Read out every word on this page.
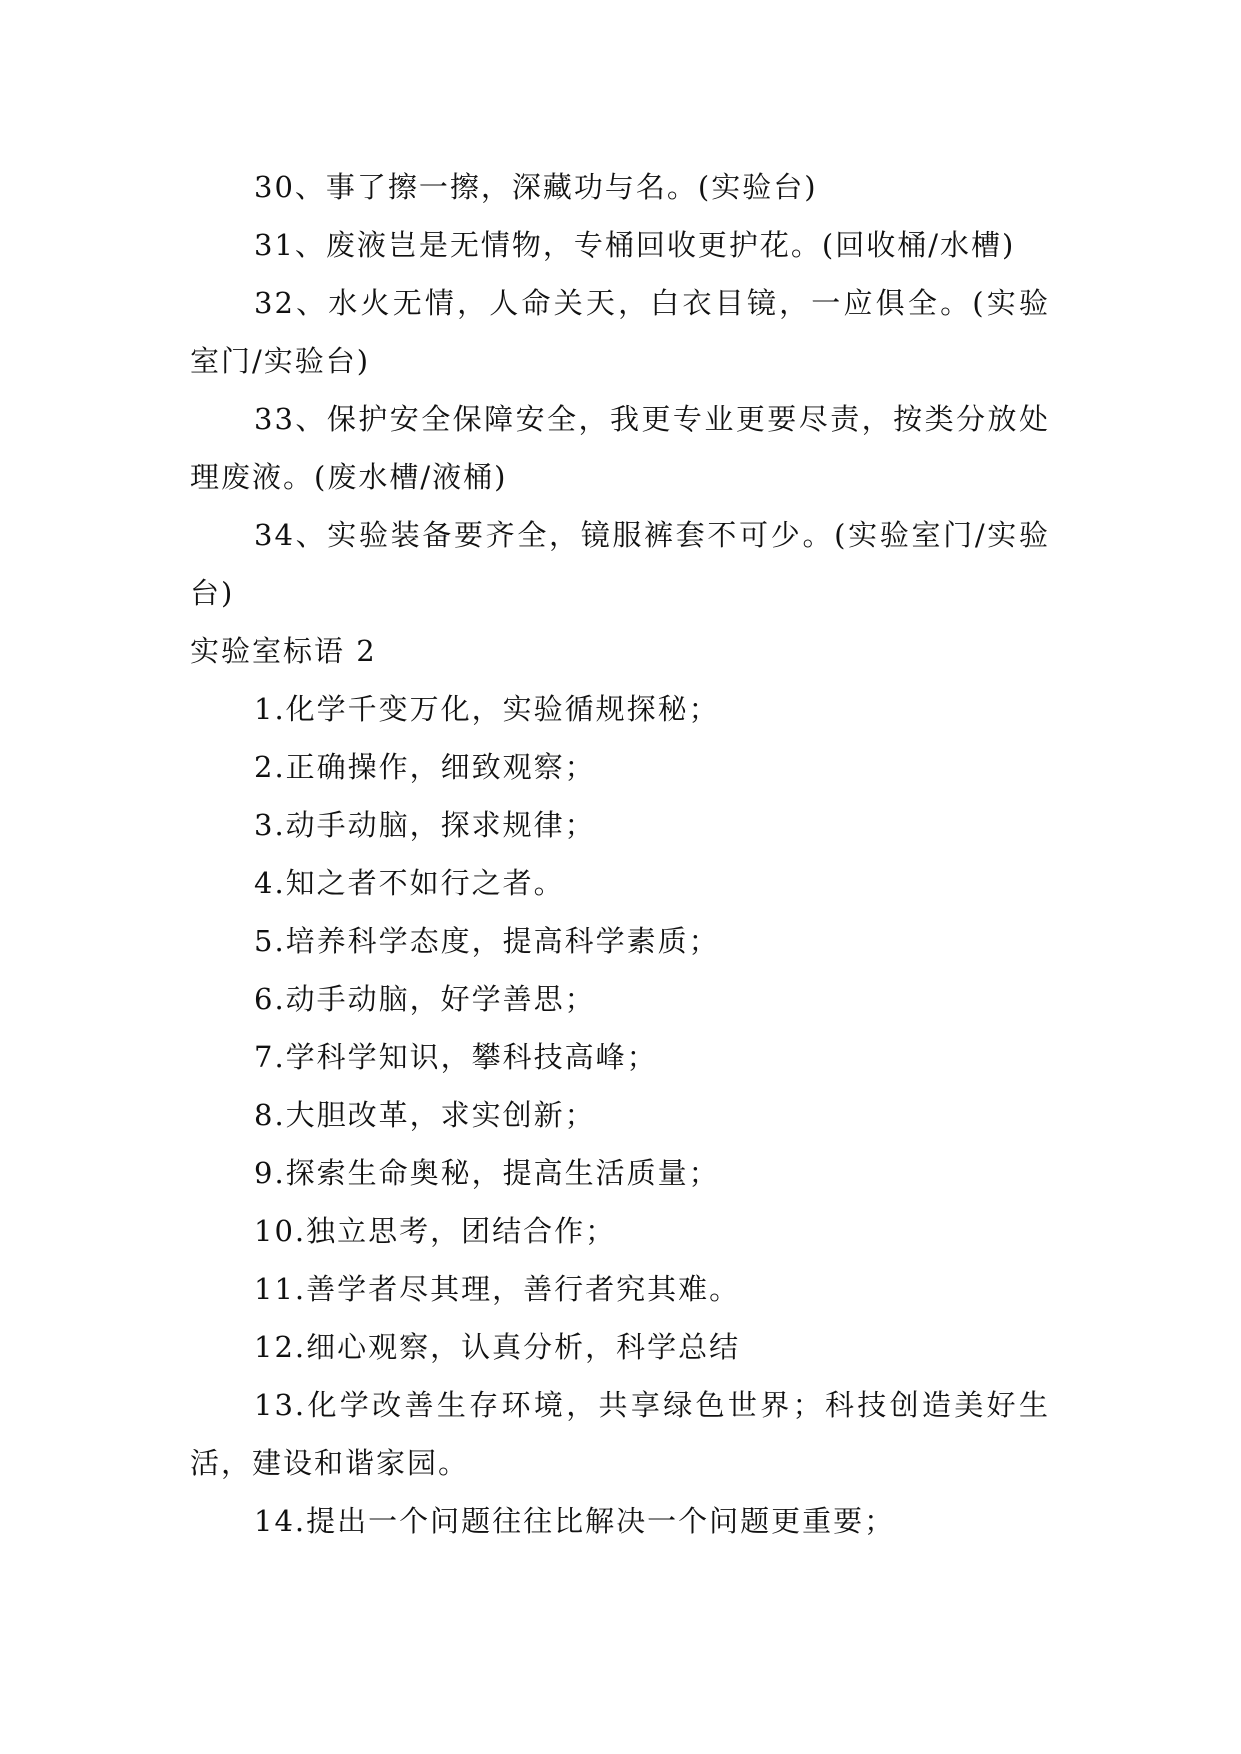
30、事了擦一擦，深藏功与名。(实验台)

31、废液岂是无情物，专桶回收更护花。(回收桶/水槽)

32、水火无情，人命关天，白衣目镜，一应俱全。(实验室门/实验台)

33、保护安全保障安全，我更专业更要尽责，按类分放处理废液。(废水槽/液桶)

34、实验装备要齐全，镜服裤套不可少。(实验室门/实验台)

实验室标语 2

1.化学千变万化，实验循规探秘；

2.正确操作，细致观察；

3.动手动脑，探求规律；

4.知之者不如行之者。

5.培养科学态度，提高科学素质；

6.动手动脑，好学善思；

7.学科学知识，攀科技高峰；

8.大胆改革，求实创新；

9.探索生命奥秘，提高生活质量；

10.独立思考，团结合作；

11.善学者尽其理，善行者究其难。

12.细心观察，认真分析，科学总结

13.化学改善生存环境，共享绿色世界；科技创造美好生活，建设和谐家园。

14.提出一个问题往往比解决一个问题更重要；
